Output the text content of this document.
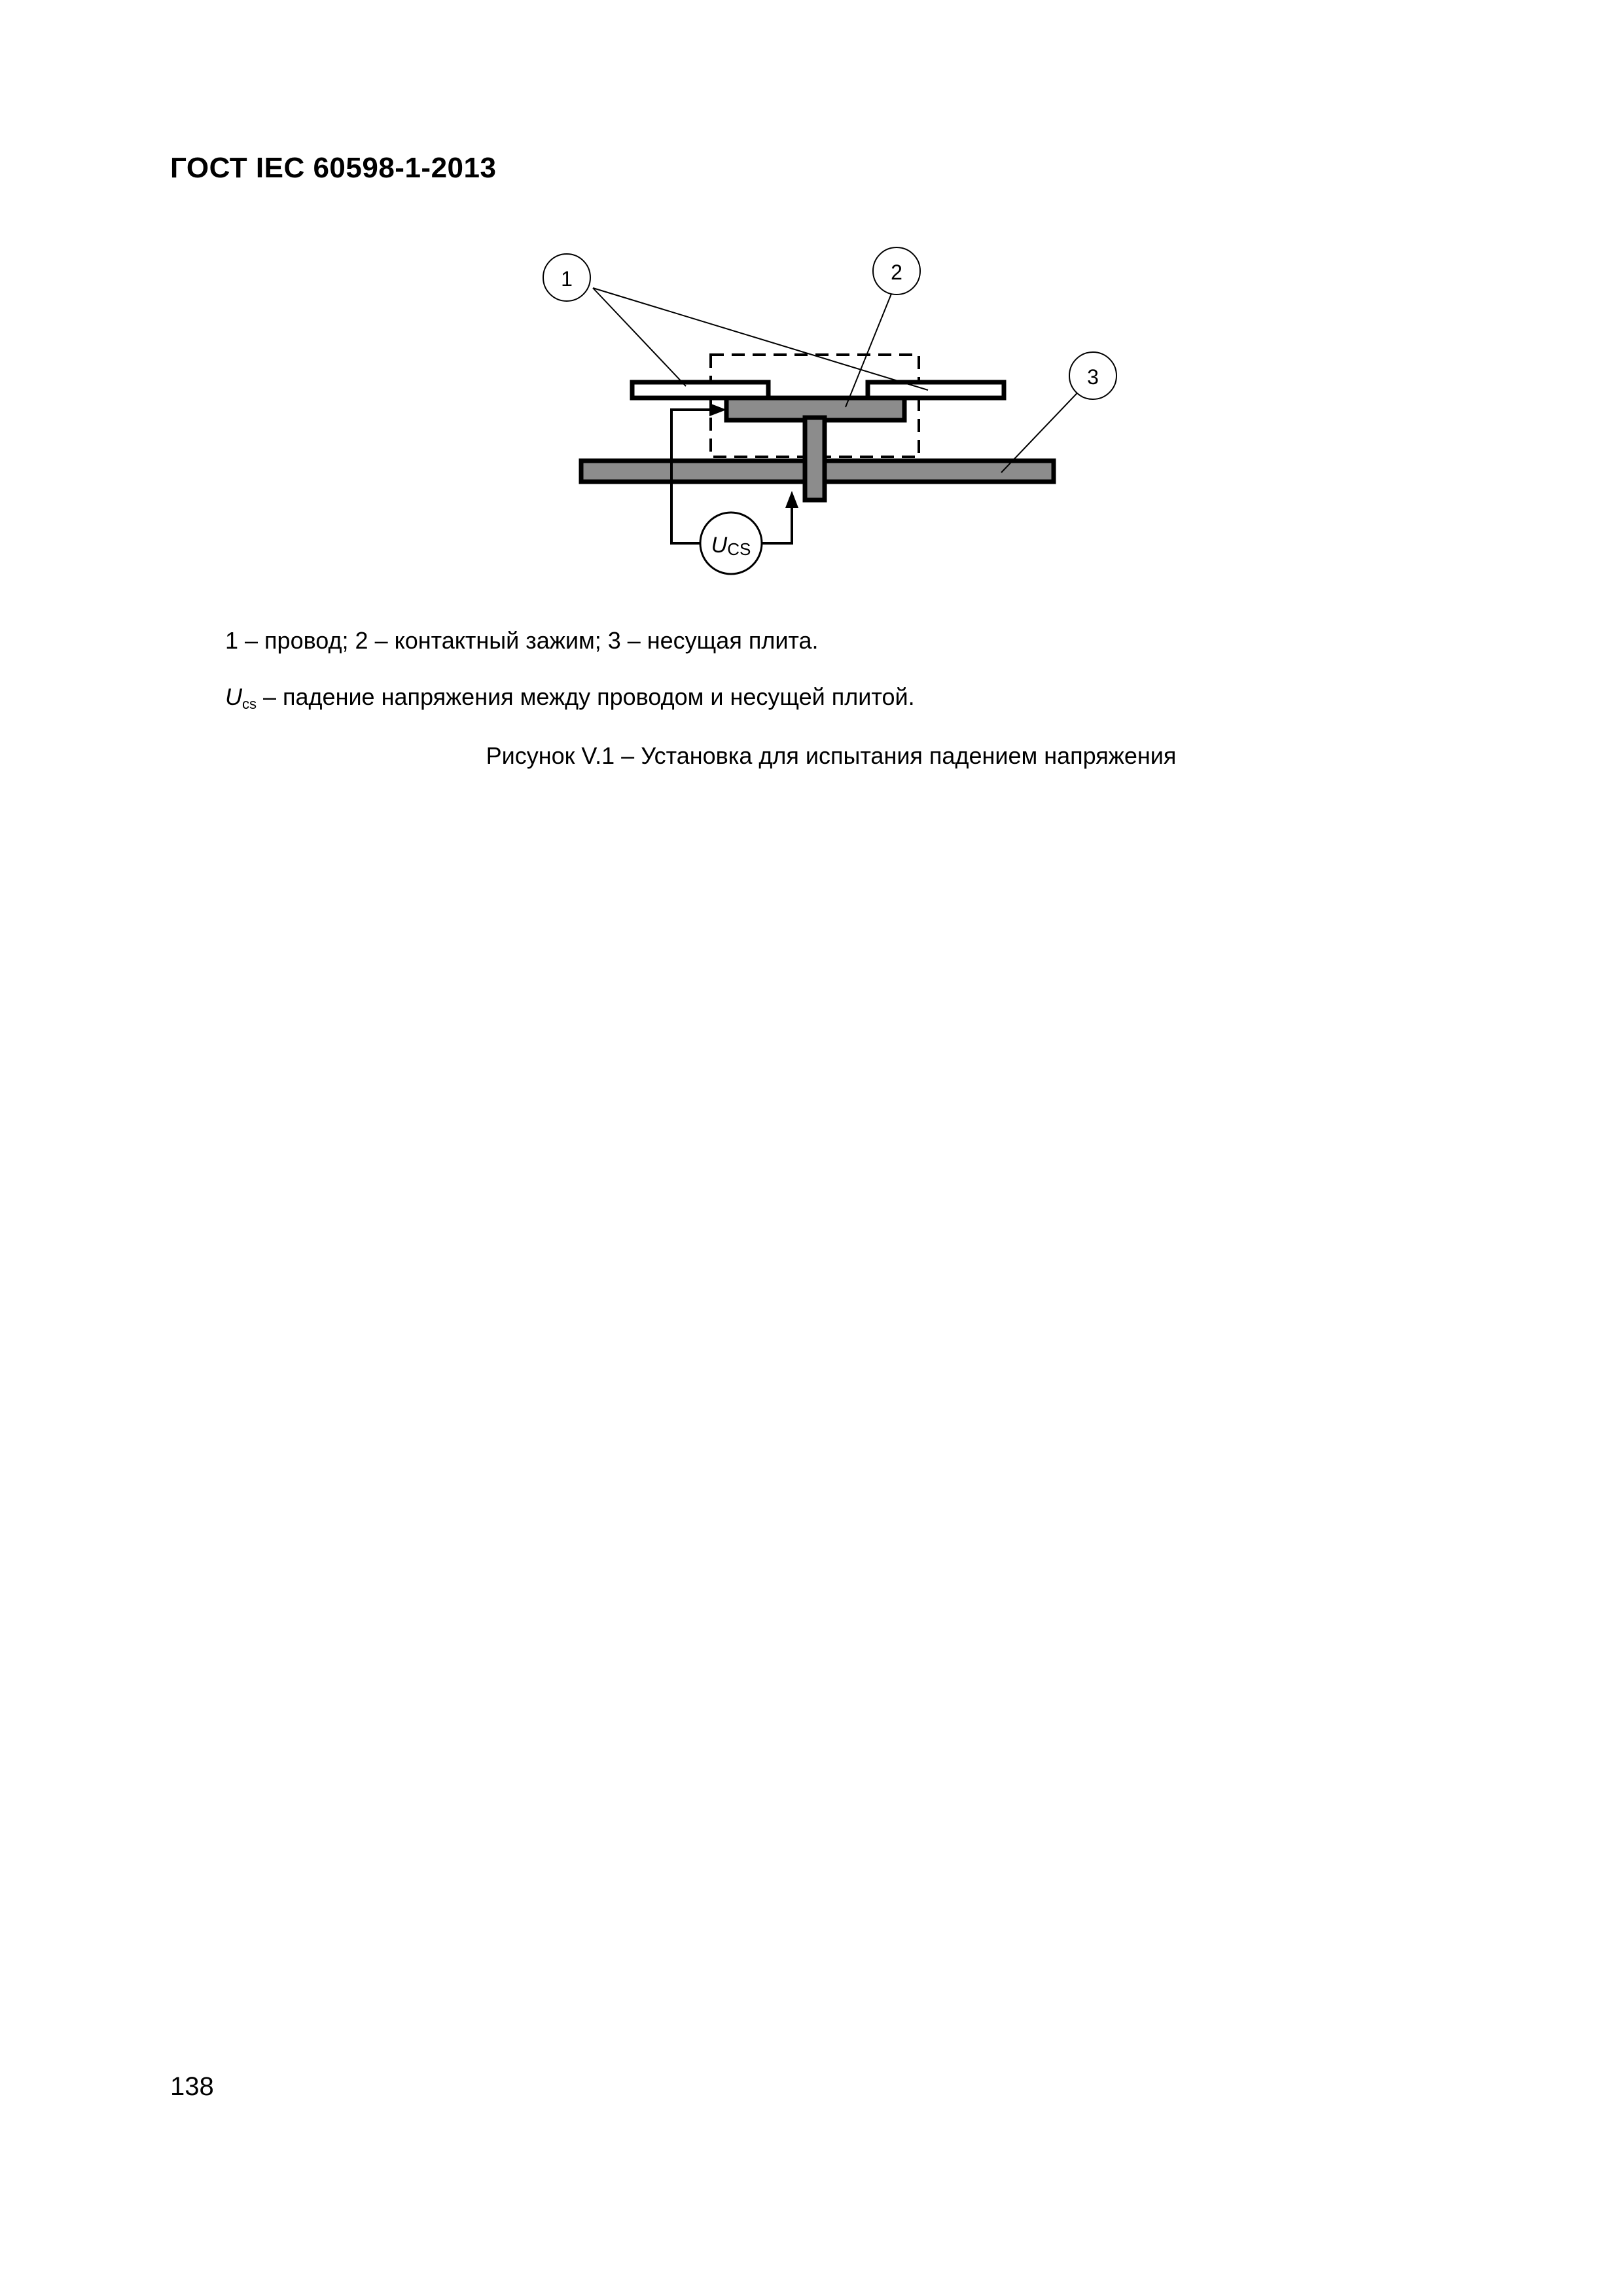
ГОСТ IEC 60598-1-2013
UCS
1	2
3
1 – провод; 2 – контактный зажим; 3 – несущая плита.
Ucs – падение напряжения между проводом и несущей плитой.
Рисунок V.1 – Установка для испытания падением напряжения
138
